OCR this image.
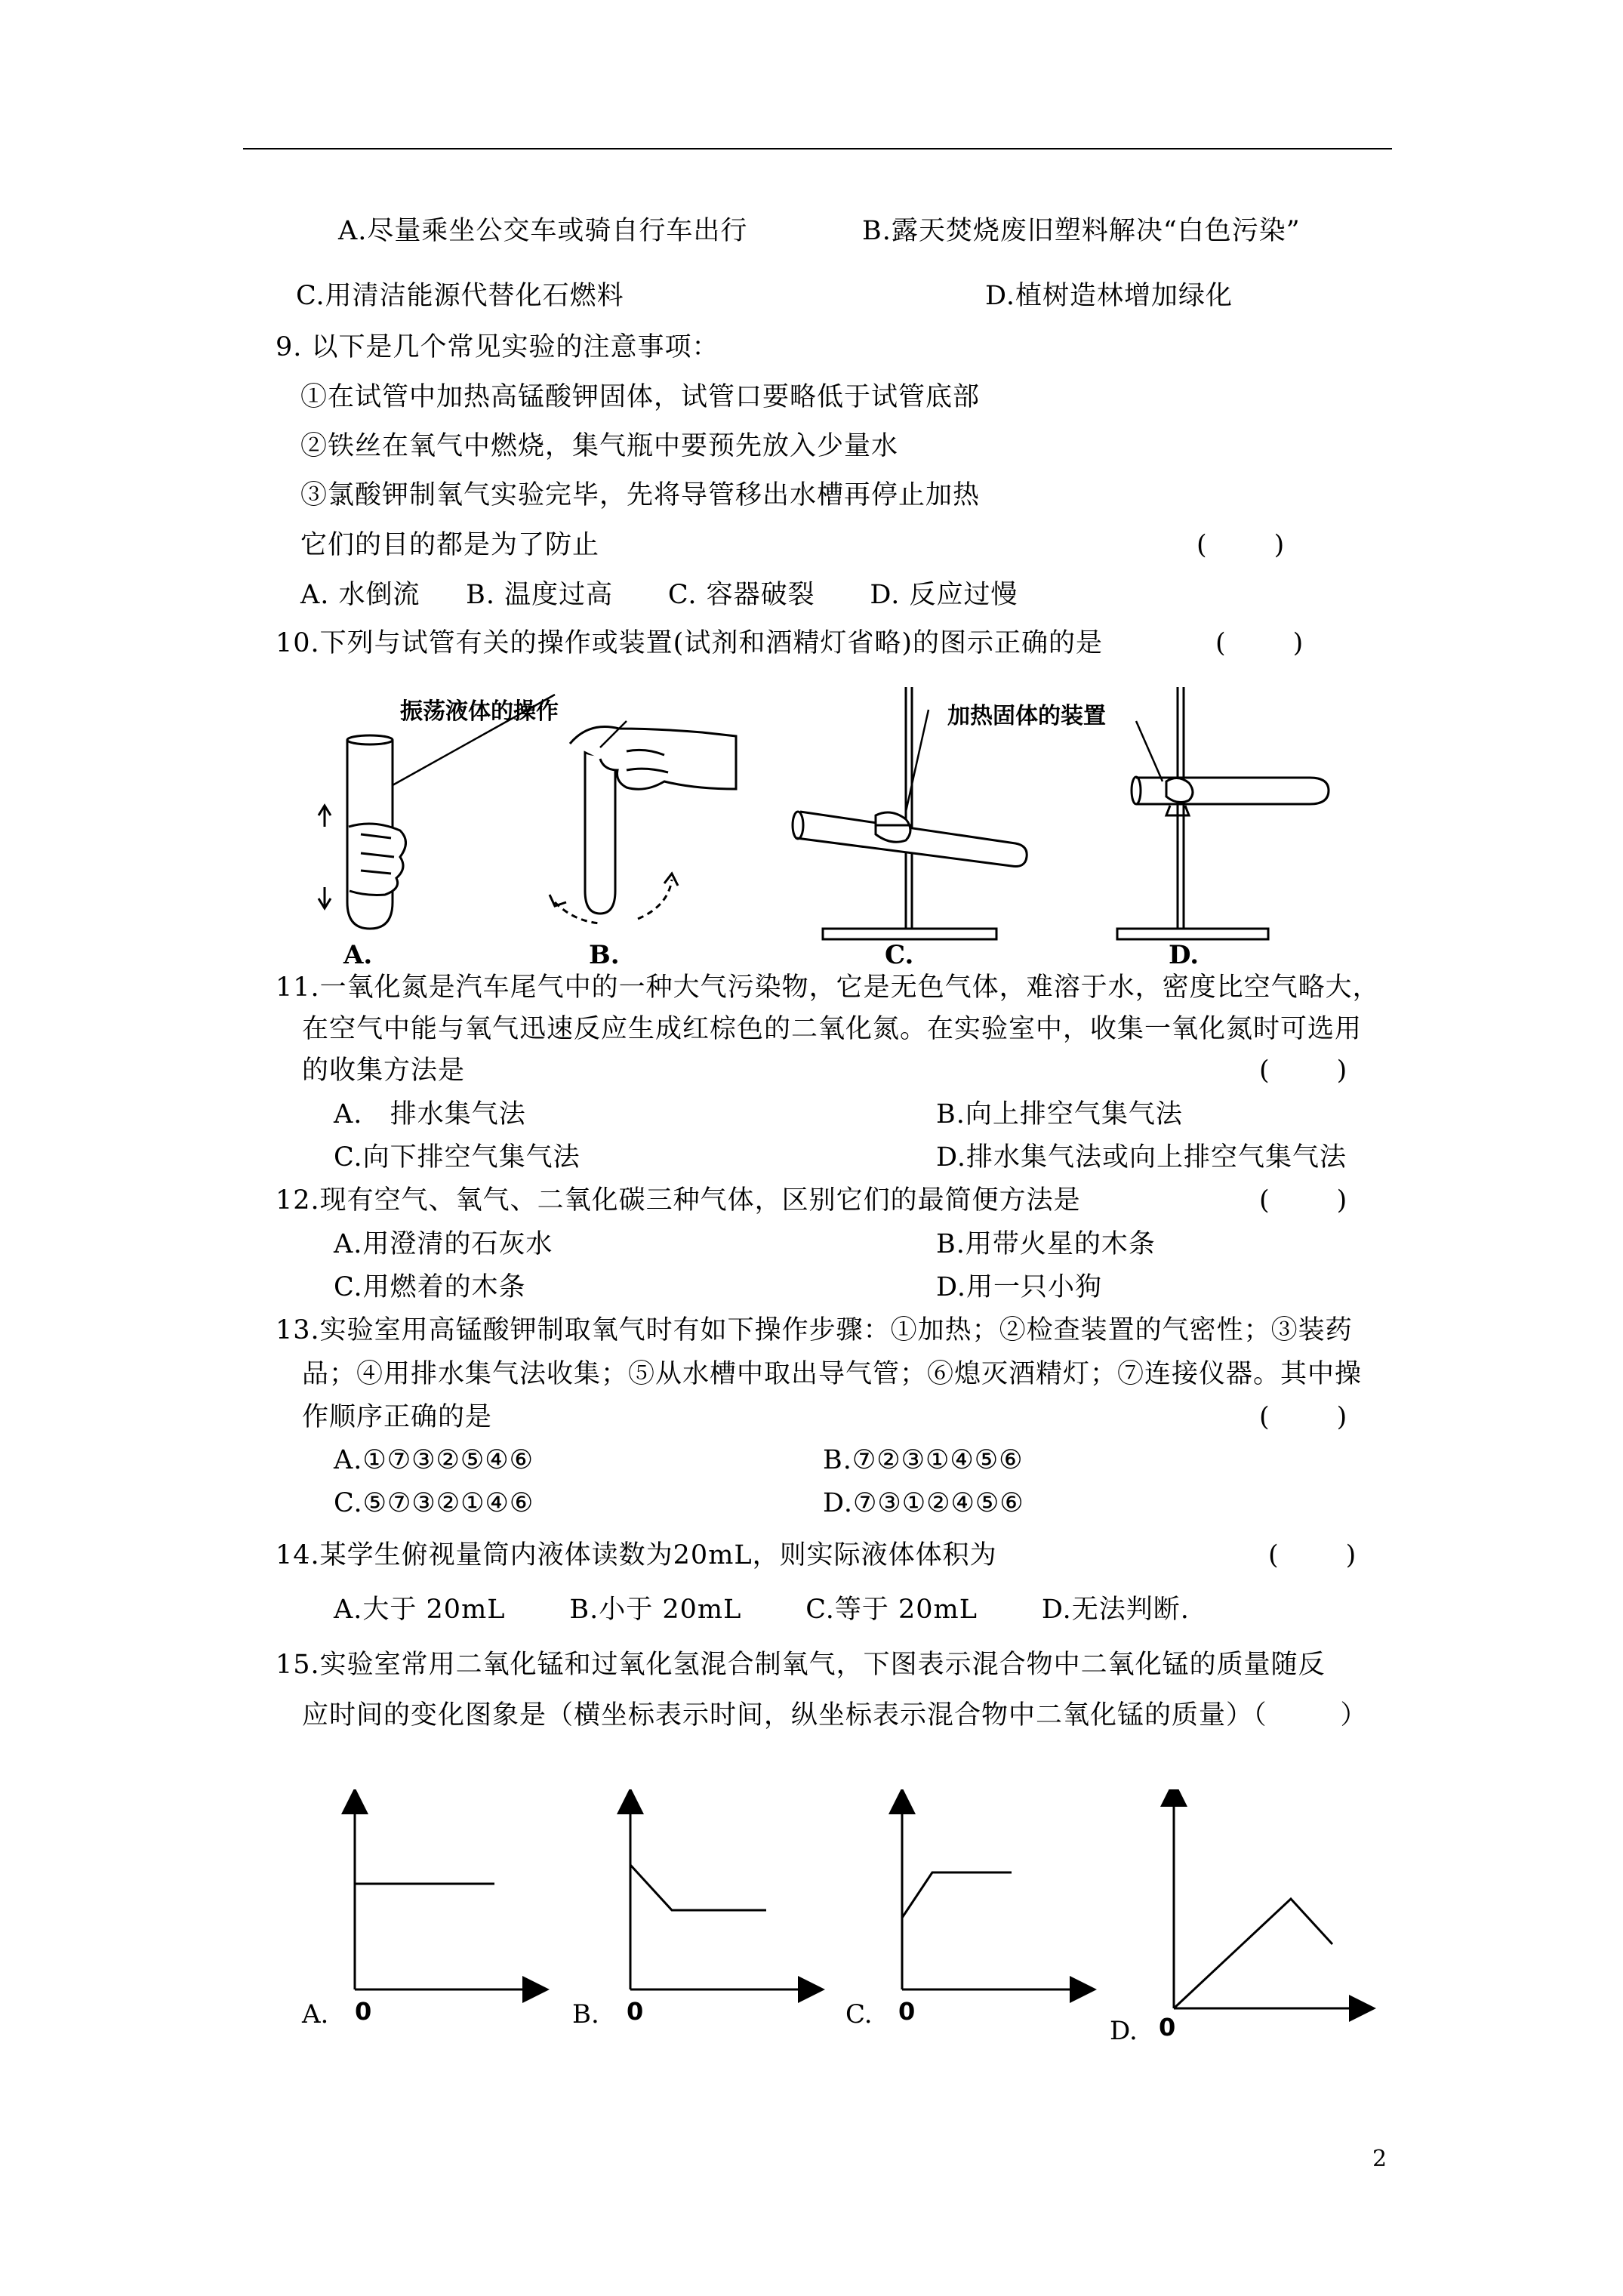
A.尽量乘坐公交车或骑自行车出行	B.露天焚烧废旧塑料解决“白色污染”
C.用清洁能源代替化石燃料	D.植树造林增加绿化
9. 以下是几个常见实验的注意事项：
①在试管中加热高锰酸钾固体，试管口要略低于试管底部
②铁丝在氧气中燃烧，集气瓶中要预先放入少量水
③氯酸钾制氧气实验完毕，先将导管移出水槽再停止加热
它们的目的都是为了防止	(        )
A. 水倒流     B. 温度过高      C. 容器破裂      D. 反应过慢
10.下列与试管有关的操作或装置(试剂和酒精灯省略)的图示正确的是	(        )
振荡液体的操作	加热固体的装置
A.	B.	C.	D.
11.一氧化氮是汽车尾气中的一种大气污染物，它是无色气体，难溶于水，密度比空气略大，
在空气中能与氧气迅速反应生成红棕色的二氧化氮。在实验室中，收集一氧化氮时可选用
的收集方法是	(        )
A.   排水集气法	B.向上排空气集气法
C.向下排空气集气法	D.排水集气法或向上排空气集气法
12.现有空气、氧气、二氧化碳三种气体，区别它们的最简便方法是	(        )
A.用澄清的石灰水	B.用带火星的木条
C.用燃着的木条	D.用一只小狗
13.实验室用高锰酸钾制取氧气时有如下操作步骤：①加热；②检查装置的气密性；③装药
品；④用排水集气法收集；⑤从水槽中取出导气管；⑥熄灭酒精灯；⑦连接仪器。其中操
作顺序正确的是	(        )
A.①⑦③②⑤④⑥	B.⑦②③①④⑤⑥
C.⑤⑦③②①④⑥	D.⑦③①②④⑤⑥
14.某学生俯视量筒内液体读数为20mL，则实际液体体积为	(        )
A.大于 20mL       B.小于 20mL       C.等于 20mL       D.无法判断.
15.实验室常用二氧化锰和过氧化氢混合制氧气，下图表示混合物中二氧化锰的质量随反
应时间的变化图象是（横坐标表示时间，纵坐标表示混合物中二氧化锰的质量）（        ）
A. 0	B. 0	C. 0
D. 0
2
